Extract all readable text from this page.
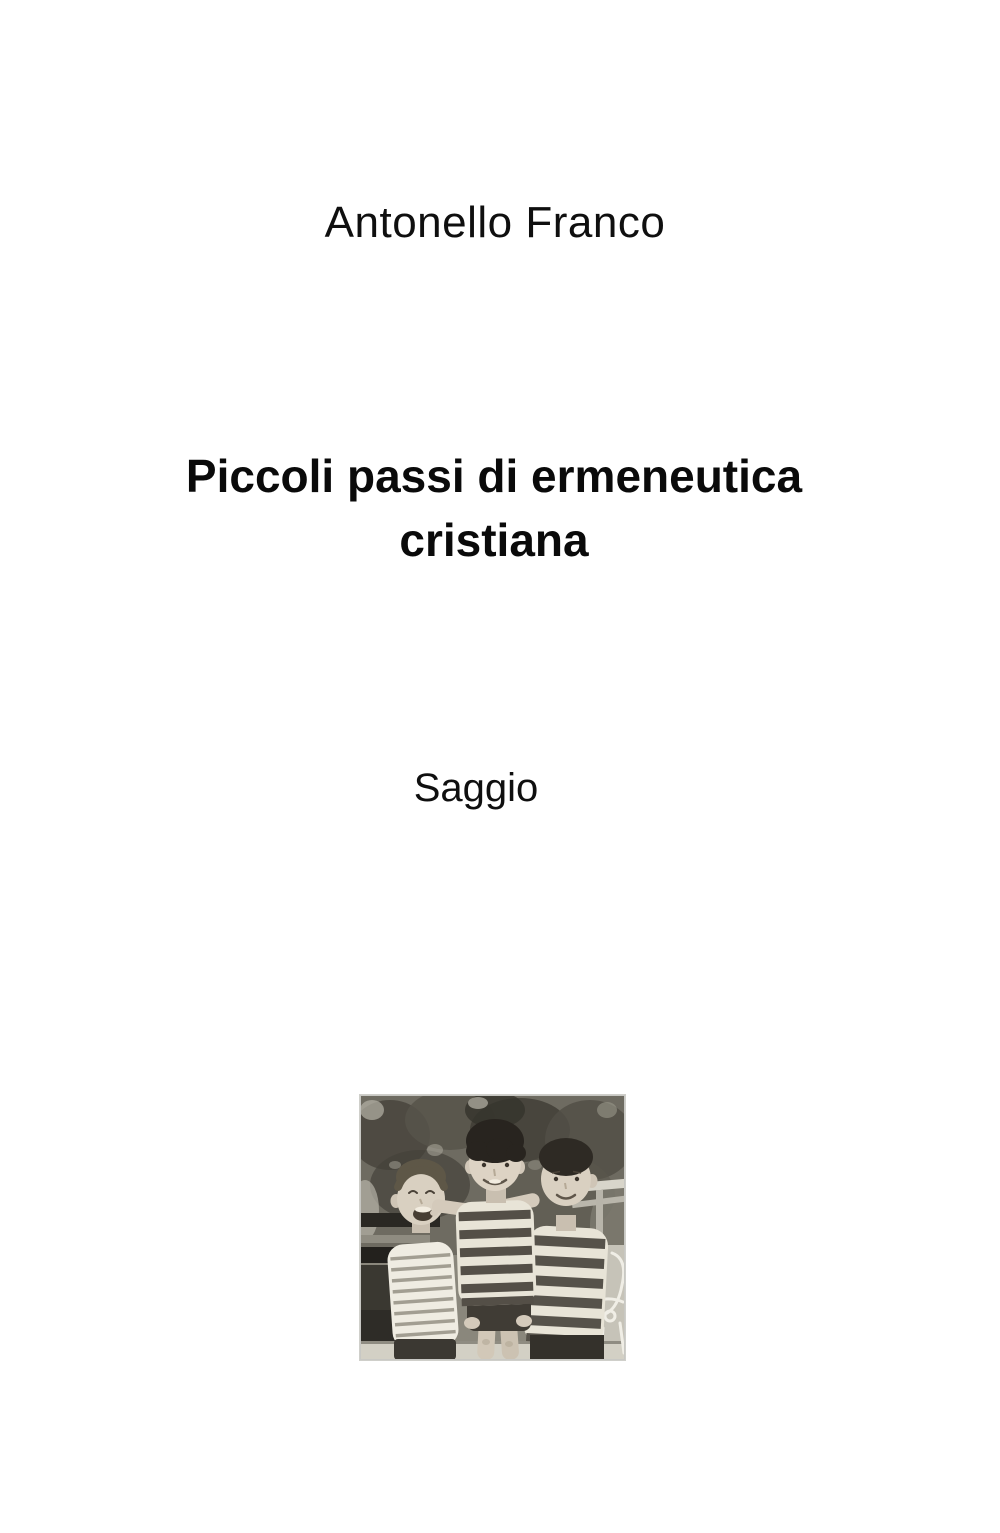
Antonello Franco
Piccoli passi di ermeneutica
cristiana
Saggio
